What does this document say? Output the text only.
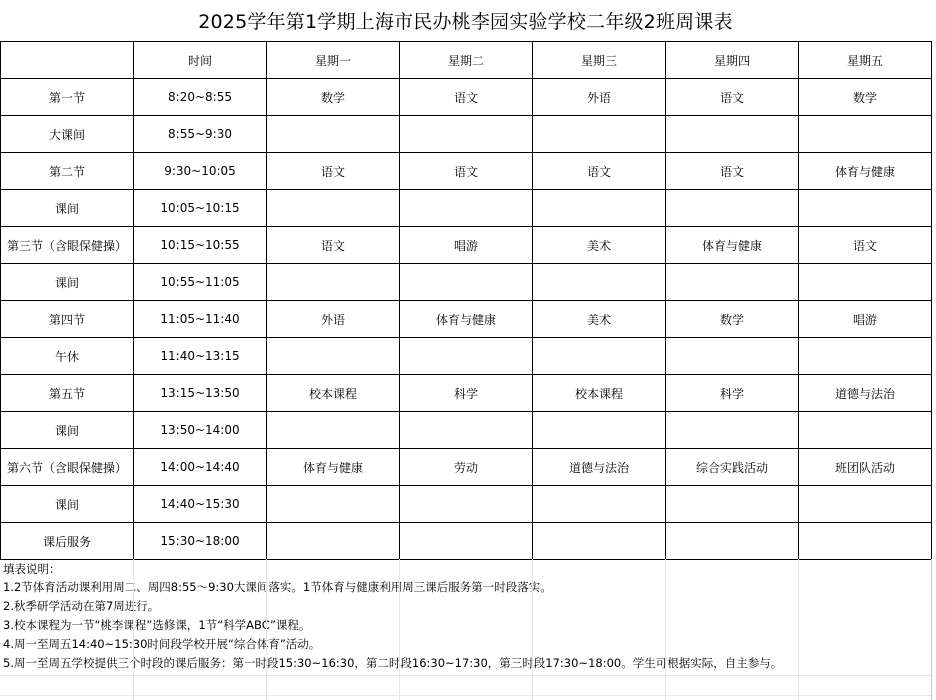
2025学年第1学期上海市民办桃李园实验学校二年级2班周课表
	时间	星期一	星期二	星期三	星期四	星期五
第一节	8:20~8:55	数学	语文	外语	语文	数学
大课间	8:55~9:30					
第二节	9:30~10:05	语文	语文	语文	语文	体育与健康
课间	10:05~10:15					
第三节（含眼保健操）	10:15~10:55	语文	唱游	美术	体育与健康	语文
课间	10:55~11:05					
第四节	11:05~11:40	外语	体育与健康	美术	数学	唱游
午休	11:40~13:15					
第五节	13:15~13:50	校本课程	科学	校本课程	科学	道德与法治
课间	13:50~14:00					
第六节（含眼保健操）	14:00~14:40	体育与健康	劳动	道德与法治	综合实践活动	班团队活动
课间	14:40~15:30					
课后服务	15:30~18:00					
填表说明：
1.2节体育活动课利用周二、周四8:55～9:30大课间落实。1节体育与健康利用周三课后服务第一时段落实。
2.秋季研学活动在第7周进行。
3.校本课程为一节“桃李课程”选修课，1节“科学ABC”课程。
4.周一至周五14:40~15:30时间段学校开展“综合体育”活动。
5.周一至周五学校提供三个时段的课后服务：第一时段15:30~16:30，第二时段16:30~17:30，第三时段17:30~18:00。学生可根据实际，自主参与。
